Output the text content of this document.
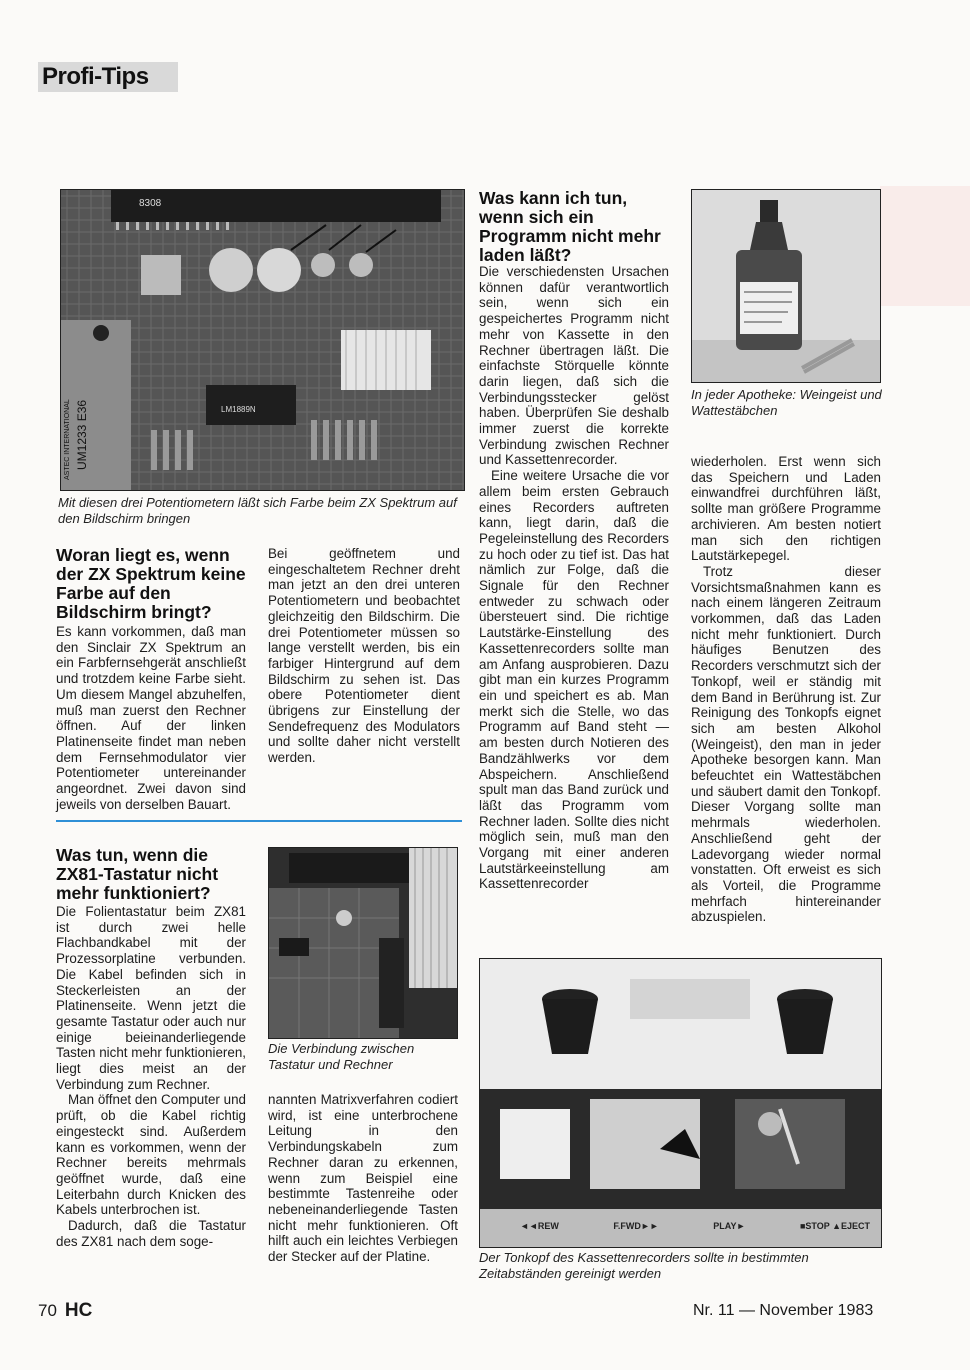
Profi-Tips
8308
UM1233 E36
ASTEC INTERNATIONAL	LM1889N
Mit diesen drei Potentiometern läßt sich Farbe beim ZX Spektrum auf den Bildschirm bringen
Woran liegt es, wenn der ZX Spektrum keine Farbe auf den Bildschirm bringt?
Es kann vorkommen, daß man den Sinclair ZX Spektrum an ein Farbfernsehgerät anschließt und trotzdem keine Farbe sieht. Um diesem Mangel abzuhelfen, muß man zuerst den Rechner öffnen. Auf der linken Platinenseite findet man neben dem Fernsehmodulator vier Potentiometer untereinander angeordnet. Zwei davon sind jeweils von derselben Bauart.

Bei geöffnetem und eingeschaltetem Rechner dreht man jetzt an den drei unteren Potentiometern und beobachtet gleichzeitig den Bildschirm. Die drei Potentiometer müssen so lange verstellt werden, bis ein farbiger Hintergrund auf dem Bildschirm zu sehen ist. Das obere Potentiometer dient übrigens zur Einstellung der Sendefrequenz des Modulators und sollte daher nicht verstellt werden.

Was tun, wenn die ZX81-Tastatur nicht mehr funktioniert?

Die Folientastatur beim ZX81 ist durch zwei helle Flachbandkabel mit der Prozessorplatine verbunden. Die Kabel befinden sich in Steckerleisten an der Platinenseite. Wenn jetzt die gesamte Tastatur oder auch nur einige beieinanderliegende Tasten nicht mehr funktionieren, liegt dies meist an der Verbindung zum Rechner.

Man öffnet den Computer und prüft, ob die Kabel richtig eingesteckt sind. Außerdem kann es vorkommen, wenn der Rechner bereits mehrmals geöffnet wurde, daß eine Leiterbahn durch Knicken des Kabels unterbrochen ist.

Dadurch, daß die Tastatur des ZX81 nach dem soge-

Die Verbindung zwischen Tastatur und Rechner
nannten Matrixverfahren codiert wird, ist eine unterbrochene Leitung in den Verbindungskabeln zum Rechner daran zu erkennen, wenn zum Beispiel eine bestimmte Tastenreihe oder nebeneinanderliegende Tasten nicht mehr funktionieren. Oft hilft auch ein leichtes Verbiegen der Stecker auf der Platine.
Was kann ich tun, wenn sich ein Programm nicht mehr laden läßt?

Die verschiedensten Ursachen können dafür verantwortlich sein, wenn sich ein gespeichertes Programm nicht mehr von Kassette in den Rechner übertragen läßt. Die einfachste Störquelle könnte darin liegen, daß sich die Verbindungsstecker gelöst haben. Überprüfen Sie deshalb immer zuerst die korrekte Verbindung zwischen Rechner und Kassettenrecorder.

Eine weitere Ursache die vor allem beim ersten Gebrauch eines Recorders auftreten kann, liegt darin, daß die Pegeleinstellung des Recorders zu hoch oder zu tief ist. Das hat nämlich zur Folge, daß die Signale für den Rechner entweder zu schwach oder übersteuert sind. Die richtige Lautstärke-Einstellung des Kassettenrecorders sollte man am Anfang ausprobieren. Dazu gibt man ein kurzes Programm ein und speichert es ab. Man merkt sich die Stelle, wo das Programm auf Band steht — am besten durch Notieren des Bandzählwerks vor dem Abspeichern. Anschließend spult man das Band zurück und läßt das Programm vom Rechner laden. Sollte dies nicht möglich sein, muß man den Vorgang mit einer anderen Lautstärkeeinstellung am Kassettenrecorder

In jeder Apotheke: Weingeist und Wattestäbchen

wiederholen. Erst wenn sich das Speichern und Laden einwandfrei durchführen läßt, sollte man größere Programme archivieren. Am besten notiert man sich den richtigen Lautstärkepegel.

Trotz dieser Vorsichtsmaßnahmen kann es nach einem längeren Zeitraum vorkommen, daß das Laden nicht mehr funktioniert. Durch häufiges Benutzen des Recorders verschmutzt sich der Tonkopf, weil er ständig mit dem Band in Berührung ist. Zur Reinigung des Tonkopfs eignet sich am besten Alkohol (Weingeist), den man in jeder Apotheke besorgen kann. Man befeuchtet ein Wattestäbchen und säubert damit den Tonkopf. Dieser Vorgang sollte man mehrmals wiederholen. Anschließend geht der Ladevorgang wieder normal vonstatten. Oft erweist es sich als Vorteil, die Programme mehrfach hintereinander abzuspielen.

◄◄REW	F.FWD►►	PLAY►	■STOP ▲EJECT
Der Tonkopf des Kassettenrecorders sollte in bestimmten Zeitabständen gereinigt werden
70 HC	Nr. 11 — November 1983
